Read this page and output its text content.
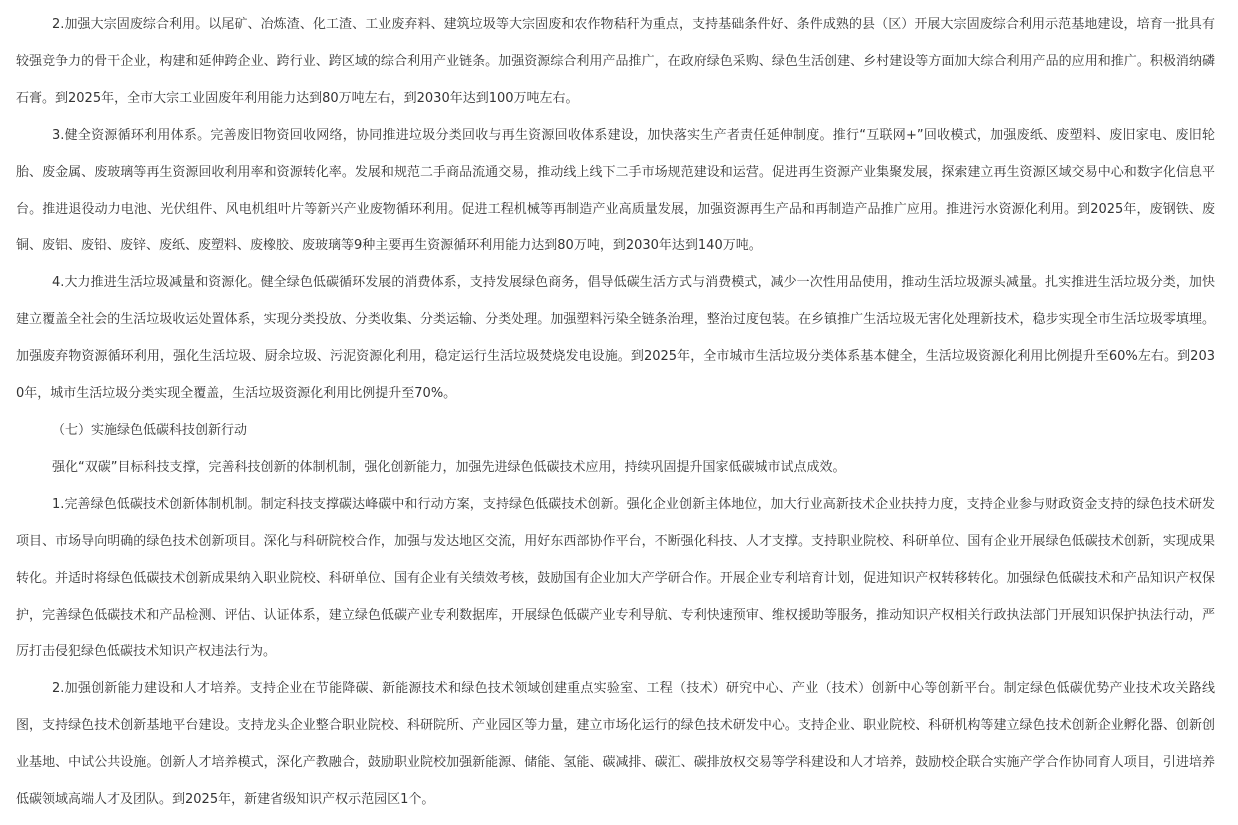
2.加强大宗固废综合利用。以尾矿、冶炼渣、化工渣、工业废弃料、建筑垃圾等大宗固废和农作物秸秆为重点，支持基础条件好、条件成熟的县（区）开展大宗固废综合利用示范基地建设，培育一批具有较强竞争力的骨干企业，构建和延伸跨企业、跨行业、跨区域的综合利用产业链条。加强资源综合利用产品推广，在政府绿色采购、绿色生活创建、乡村建设等方面加大综合利用产品的应用和推广。积极消纳磷石膏。到2025年，全市大宗工业固废年利用能力达到80万吨左右，到2030年达到100万吨左右。

3.健全资源循环利用体系。完善废旧物资回收网络，协同推进垃圾分类回收与再生资源回收体系建设，加快落实生产者责任延伸制度。推行“互联网+”回收模式，加强废纸、废塑料、废旧家电、废旧轮胎、废金属、废玻璃等再生资源回收利用率和资源转化率。发展和规范二手商品流通交易，推动线上线下二手市场规范建设和运营。促进再生资源产业集聚发展，探索建立再生资源区域交易中心和数字化信息平台。推进退役动力电池、光伏组件、风电机组叶片等新兴产业废物循环利用。促进工程机械等再制造产业高质量发展，加强资源再生产品和再制造产品推广应用。推进污水资源化利用。到2025年，废钢铁、废铜、废铝、废铅、废锌、废纸、废塑料、废橡胶、废玻璃等9种主要再生资源循环利用能力达到80万吨，到2030年达到140万吨。

4.大力推进生活垃圾减量和资源化。健全绿色低碳循环发展的消费体系，支持发展绿色商务，倡导低碳生活方式与消费模式，减少一次性用品使用，推动生活垃圾源头减量。扎实推进生活垃圾分类，加快建立覆盖全社会的生活垃圾收运处置体系，实现分类投放、分类收集、分类运输、分类处理。加强塑料污染全链条治理，整治过度包装。在乡镇推广生活垃圾无害化处理新技术，稳步实现全市生活垃圾零填埋。加强废弃物资源循环利用，强化生活垃圾、厨余垃圾、污泥资源化利用，稳定运行生活垃圾焚烧发电设施。到2025年，全市城市生活垃圾分类体系基本健全，生活垃圾资源化利用比例提升至60%左右。到2030年，城市生活垃圾分类实现全覆盖，生活垃圾资源化利用比例提升至70%。

（七）实施绿色低碳科技创新行动

强化“双碳”目标科技支撑，完善科技创新的体制机制，强化创新能力，加强先进绿色低碳技术应用，持续巩固提升国家低碳城市试点成效。

1.完善绿色低碳技术创新体制机制。制定科技支撑碳达峰碳中和行动方案，支持绿色低碳技术创新。强化企业创新主体地位，加大行业高新技术企业扶持力度，支持企业参与财政资金支持的绿色技术研发项目、市场导向明确的绿色技术创新项目。深化与科研院校合作，加强与发达地区交流，用好东西部协作平台，不断强化科技、人才支撑。支持职业院校、科研单位、国有企业开展绿色低碳技术创新，实现成果转化。并适时将绿色低碳技术创新成果纳入职业院校、科研单位、国有企业有关绩效考核，鼓励国有企业加大产学研合作。开展企业专利培育计划，促进知识产权转移转化。加强绿色低碳技术和产品知识产权保护，完善绿色低碳技术和产品检测、评估、认证体系，建立绿色低碳产业专利数据库，开展绿色低碳产业专利导航、专利快速预审、维权援助等服务，推动知识产权相关行政执法部门开展知识保护执法行动，严厉打击侵犯绿色低碳技术知识产权违法行为。

2.加强创新能力建设和人才培养。支持企业在节能降碳、新能源技术和绿色技术领域创建重点实验室、工程（技术）研究中心、产业（技术）创新中心等创新平台。制定绿色低碳优势产业技术攻关路线图，支持绿色技术创新基地平台建设。支持龙头企业整合职业院校、科研院所、产业园区等力量，建立市场化运行的绿色技术研发中心。支持企业、职业院校、科研机构等建立绿色技术创新企业孵化器、创新创业基地、中试公共设施。创新人才培养模式，深化产教融合，鼓励职业院校加强新能源、储能、氢能、碳减排、碳汇、碳排放权交易等学科建设和人才培养，鼓励校企联合实施产学合作协同育人项目，引进培养低碳领域高端人才及团队。到2025年，新建省级知识产权示范园区1个。
